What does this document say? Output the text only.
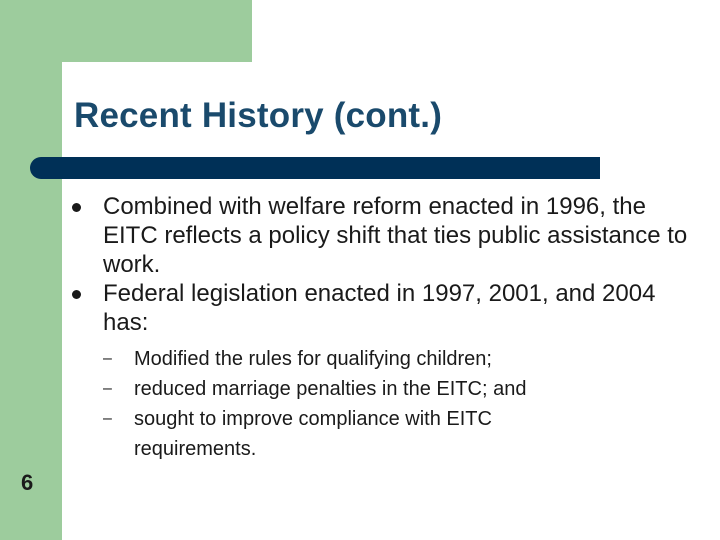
Recent History (cont.)
Combined with welfare reform enacted in 1996, the EITC reflects a policy shift that ties public assistance to work.
Federal legislation enacted in 1997, 2001, and 2004 has:
– Modified the rules for qualifying children;
– reduced marriage penalties in the EITC; and
– sought to improve compliance with EITC requirements.
6
